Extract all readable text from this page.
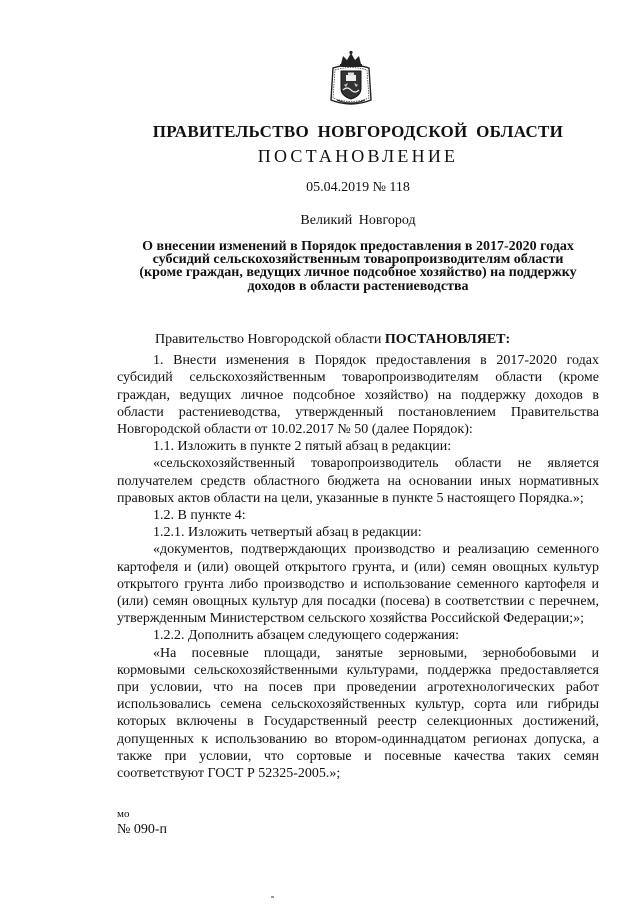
ПРАВИТЕЛЬСТВО НОВГОРОДСКОЙ ОБЛАСТИ
ПОСТАНОВЛЕНИЕ
05.04.2019 № 118
Великий Новгород
О внесении изменений в Порядок предоставления в 2017-2020 годах субсидий сельскохозяйственным товаропроизводителям области (кроме граждан, ведущих личное подсобное хозяйство) на поддержку доходов в области растениеводства

Правительство Новгородской области ПОСТАНОВЛЯЕТ:

1. Внести изменения в Порядок предоставления в 2017-2020 годах субсидий сельскохозяйственным товаропроизводителям области (кроме граждан, ведущих личное подсобное хозяйство) на поддержку доходов в области растениеводства, утвержденный постановлением Правительства Новгородской области от 10.02.2017 № 50 (далее Порядок):

1.1. Изложить в пункте 2 пятый абзац в редакции:

«сельскохозяйственный товаропроизводитель области не является получателем средств областного бюджета на основании иных нормативных правовых актов области на цели, указанные в пункте 5 настоящего Порядка.»;

1.2. В пункте 4:

1.2.1. Изложить четвертый абзац в редакции:

«документов, подтверждающих производство и реализацию семенного картофеля и (или) овощей открытого грунта, и (или) семян овощных культур открытого грунта либо производство и использование семенного картофеля и (или) семян овощных культур для посадки (посева) в соответствии с перечнем, утвержденным Министерством сельского хозяйства Российской Федерации;»;

1.2.2. Дополнить абзацем следующего содержания:

«На посевные площади, занятые зерновыми, зернобобовыми и кормовыми сельскохозяйственными культурами, поддержка предоставляется при условии, что на посев при проведении агротехнологических работ использовались семена сельскохозяйственных культур, сорта или гибриды которых включены в Государственный реестр селекционных достижений, допущенных к использованию во втором-одиннадцатом регионах допуска, а также при условии, что сортовые и посевные качества таких семян соответствуют ГОСТ Р 52325-2005.»;

мо
№ 090-п
